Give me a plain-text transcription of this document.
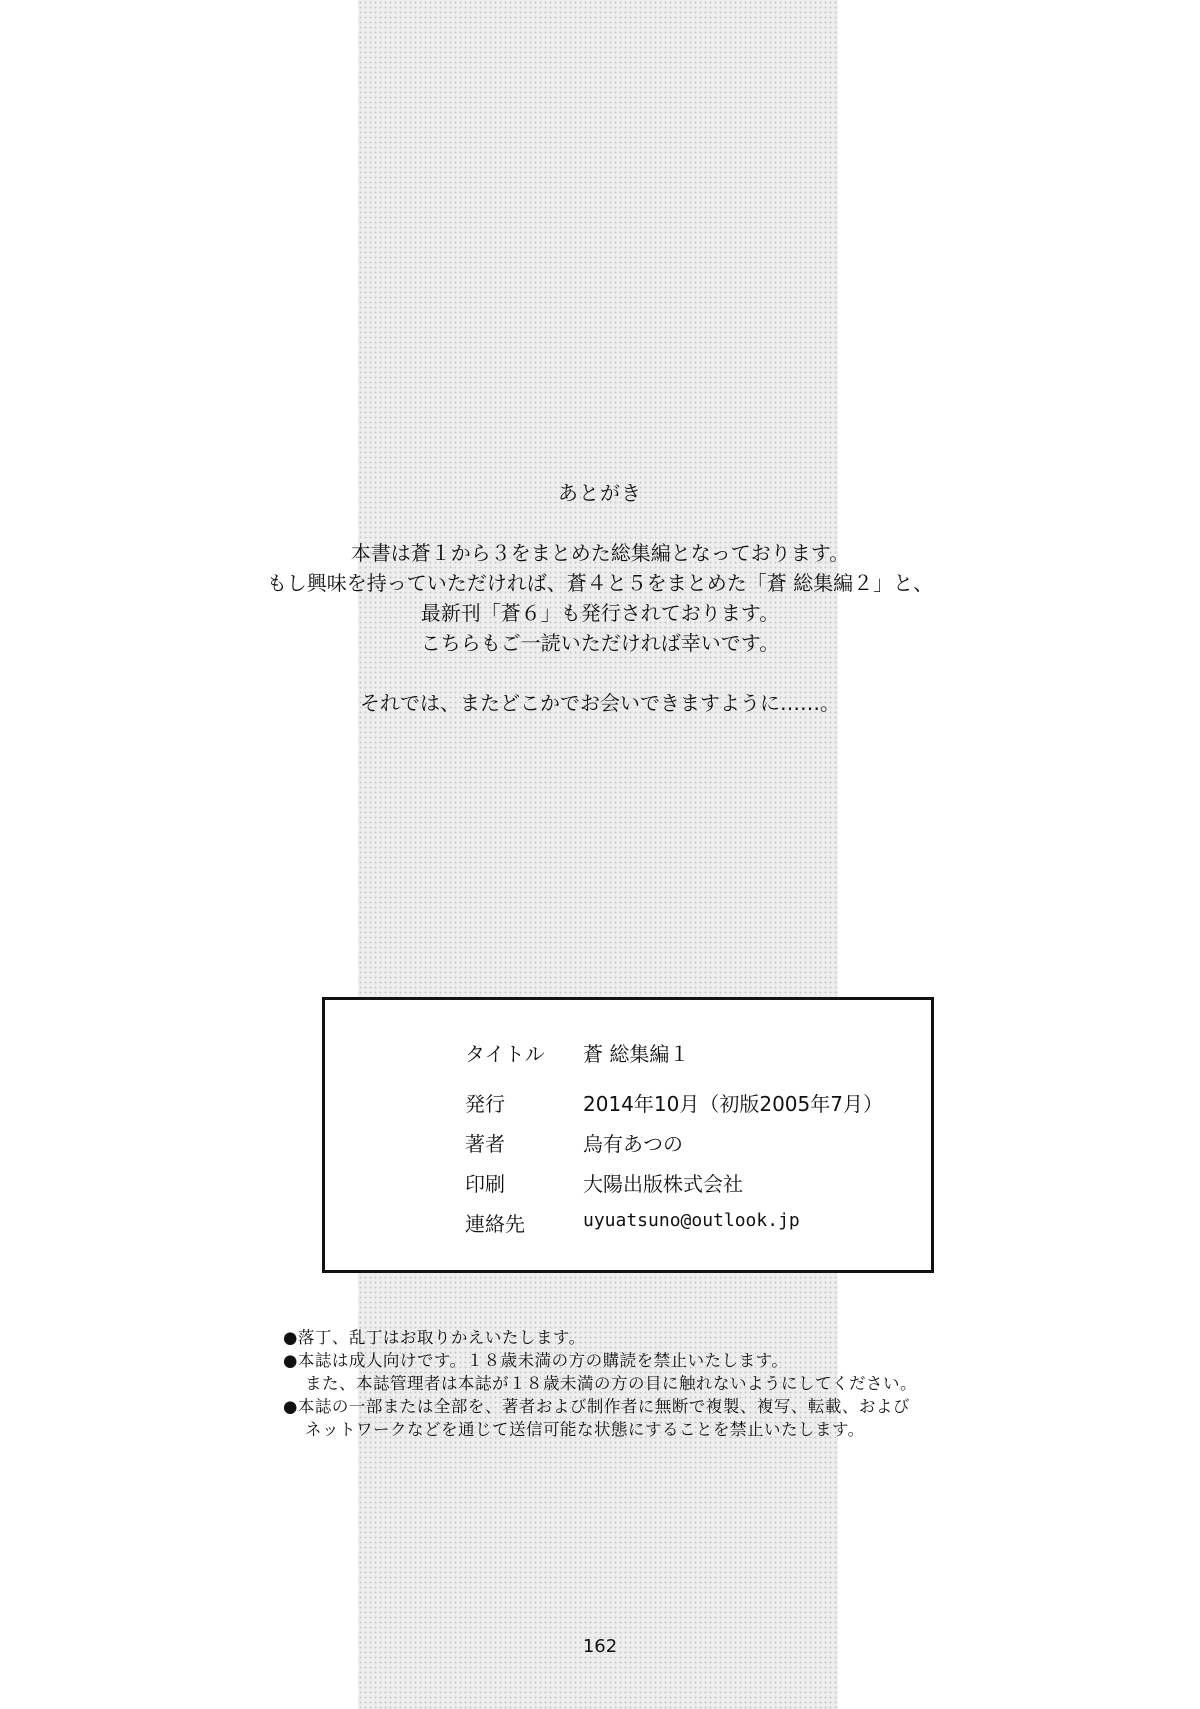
あとがき
本書は蒼１から３をまとめた総集編となっております。
もし興味を持っていただければ、蒼４と５をまとめた「蒼 総集編２」と、
最新刊「蒼６」も発行されております。
こちらもご一読いただければ幸いです。
それでは、またどこかでお会いできますように……。
タイトル 蒼 総集編１
発行	2014年10月（初版2005年7月）
著者	烏有あつの
印刷	大陽出版株式会社
連絡先	uyuatsuno@outlook.jp
●落丁、乱丁はお取りかえいたします。
●本誌は成人向けです。１８歳未満の方の購読を禁止いたします。
また、本誌管理者は本誌が１８歳未満の方の目に触れないようにしてください。
●本誌の一部または全部を、著者および制作者に無断で複製、複写、転載、および
ネットワークなどを通じて送信可能な状態にすることを禁止いたします。
162
